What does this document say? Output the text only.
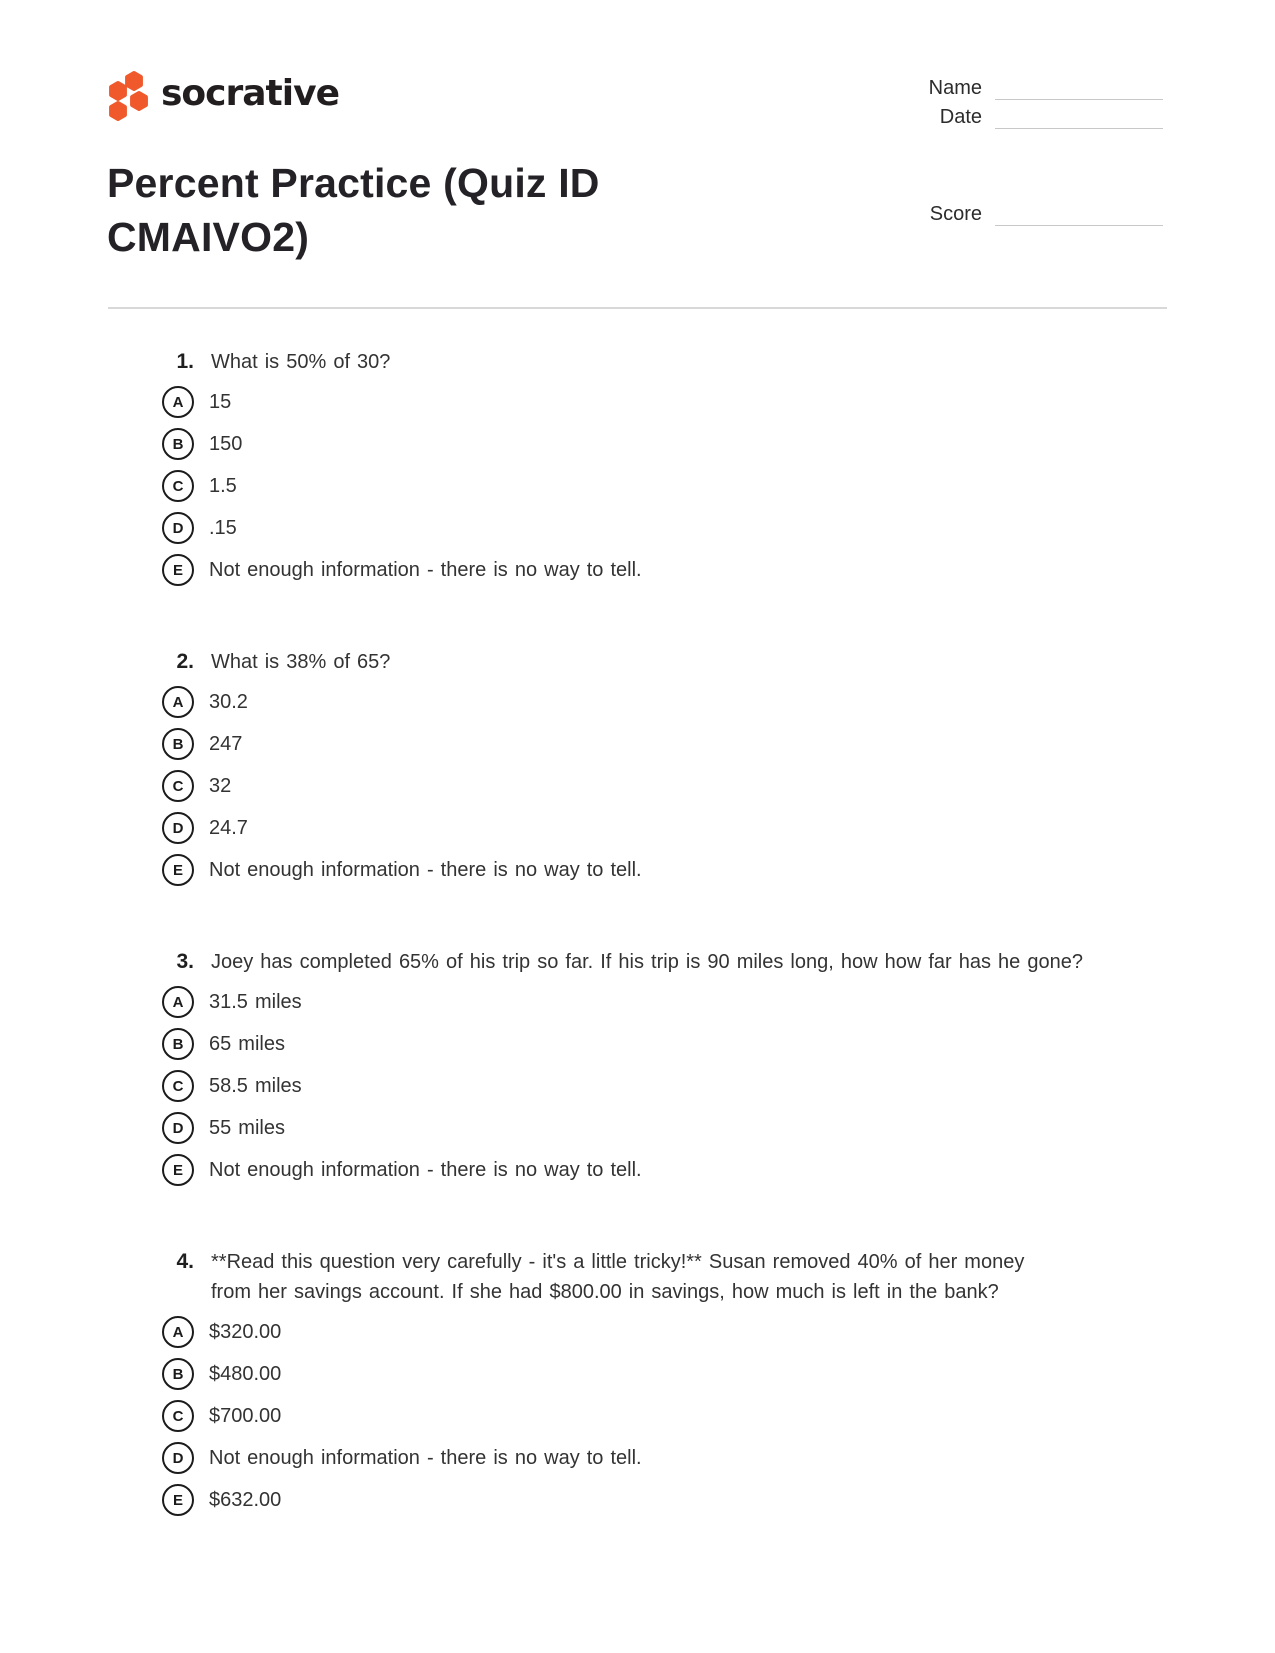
socrative	Name
Date
Score
Percent Practice (Quiz ID
CMAIVO2)
1. What is 50% of 30?
A	15
B	150
C	1.5
D	.15
E	Not enough information - there is no way to tell.
2. What is 38% of 65?
A	30.2
B	247
C	32
D	24.7
E	Not enough information - there is no way to tell.
3. Joey has completed 65% of his trip so far. If his trip is 90 miles long, how how far has he gone?
A	31.5 miles
B	65 miles
C	58.5 miles
D	55 miles
E	Not enough information - there is no way to tell.
4. **Read this question very carefully - it's a little tricky!** Susan removed 40% of her money
from her savings account. If she had $800.00 in savings, how much is left in the bank?
A	$320.00
B	$480.00
C	$700.00
D	Not enough information - there is no way to tell.
E	$632.00
